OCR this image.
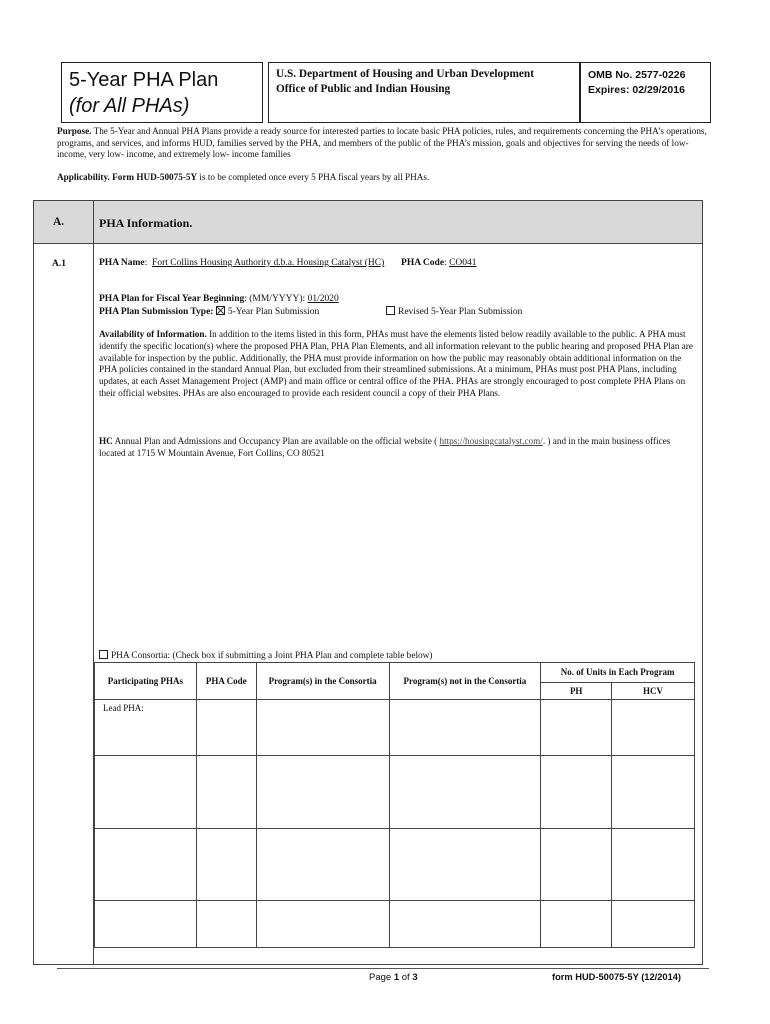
5-Year PHA Plan
(for All PHAs)
U.S. Department of Housing and Urban Development
Office of Public and Indian Housing
OMB No. 2577-0226
Expires: 02/29/2016
Purpose. The 5-Year and Annual PHA Plans provide a ready source for interested parties to locate basic PHA policies, rules, and requirements concerning the PHA’s operations, programs, and services, and informs HUD, families served by the PHA, and members of the public of the PHA’s mission, goals and objectives for serving the needs of low- income, very low- income, and extremely low- income families
Applicability. Form HUD-50075-5Y is to be completed once every 5 PHA fiscal years by all PHAs.
A.	PHA Information.
A.1	PHA Name:  Fort Collins Housing Authority d.b.a. Housing Catalyst (HC) PHA Code: CO041
PHA Plan for Fiscal Year Beginning: (MM/YYYY): 01/2020
PHA Plan Submission Type: 5-Year Plan Submission	Revised 5-Year Plan Submission
Availability of Information. In addition to the items listed in this form, PHAs must have the elements listed below readily available to the public. A PHA must identify the specific location(s) where the proposed PHA Plan, PHA Plan Elements, and all information relevant to the public hearing and proposed PHA Plan are available for inspection by the public. Additionally, the PHA must provide information on how the public may reasonably obtain additional information on the PHA policies contained in the standard Annual Plan, but excluded from their streamlined submissions. At a minimum, PHAs must post PHA Plans, including updates, at each Asset Management Project (AMP) and main office or central office of the PHA. PHAs are strongly encouraged to post complete PHA Plans on their official websites. PHAs are also encouraged to provide each resident council a copy of their PHA Plans.
HC Annual Plan and Admissions and Occupancy Plan are available on the official website ( https://housingcatalyst.com/. ) and in the main business offices located at 1715 W Mountain Avenue, Fort Collins, CO 80521
PHA Consortia: (Check box if submitting a Joint PHA Plan and complete table below)
Participating PHAs	PHA Code	Program(s) in the Consortia	Program(s) not in the Consortia	No. of Units in Each Program	
				PH	HCV
Lead PHA:					

Page 1 of 3	form HUD-50075-5Y (12/2014)
